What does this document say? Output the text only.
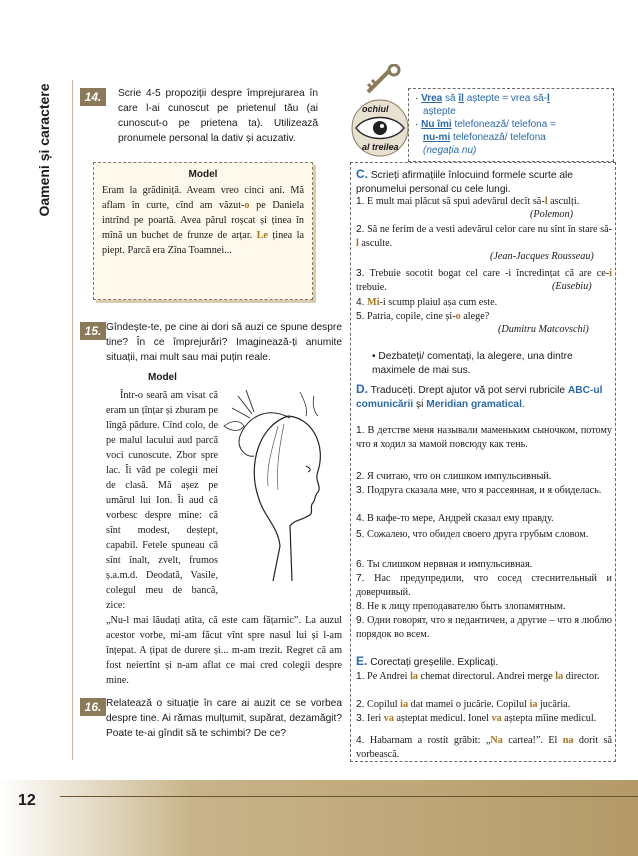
Oameni și caractere	14.	Scrie 4-5 propoziții despre împrejurarea în care l-ai cunoscut pe prietenul tău (ai cunoscut-o pe prietena ta). Utilizează pronumele personal la dativ și acuzativ.
Model
Eram la grădiniță. Aveam vreo cinci ani. Mă aflam în curte, cînd am văzut-o pe Daniela intrînd pe poartă. Avea părul roșcat și ținea în mînă un buchet de frunze de arțar. Le ținea la piept. Parcă era Zîna Toamnei...
15. Gîndește-te, pe cine ai dori să auzi ce spune despre tine? În ce împrejurări? Imaginează-ți anumite situații, mai mult sau mai puțin reale.
Model
Într-o seară am visat că eram un țînțar și zburam pe lîngă pădure. Cînd colo, de pe malul lacului aud parcă voci cunoscute. Zbor spre lac. Îi văd pe colegii mei de clasă. Mă așez pe umărul lui Ion. Îi aud că vorbesc despre mine: că sînt modest, deștept, capabil. Fetele spuneau că sînt înalt, zvelt, frumos ș.a.m.d. Deodată, Vasile, colegul meu de bancă, zice:
„Nu-l mai lăudați atîta, că este cam fățarnic”. La auzul acestor vorbe, mi-am făcut vînt spre nasul lui și l-am înțepat. A țipat de durere și... m-am trezit. Regret că am fost neiertînt și n-am aflat ce mai cred colegii despre mine.
16. Relatează o situație în care ai auzit ce se vorbea despre tine. Ai rămas mulțumit, supărat, dezamăgit? Poate te-ai gîndit să te schimbi? De ce?
ochiul
al treilea
· Vrea să îl aștepte = vrea să-l
aștepte
· Nu îmi telefonează/ telefona =
nu-mi telefonează/ telefona
(negația nu)
C. Scrieți afirmațiile înlocuind formele scurte ale pronumelui personal cu cele lungi.
1. E mult mai plăcut să spui adevărul decît să-l asculți.
(Polemon)
2. Să ne ferim de a vesti adevărul celor care nu sînt în stare să-l asculte.
(Jean-Jacques Rousseau)
3. Trebuie socotit bogat cel care -i încredințat că are ce-i trebuie.	(Eusebiu)
4. Mi-i scump plaiul așa cum este.
5. Patria, copile, cine și-o alege?
(Dumitru Matcovschi)
• Dezbateți/ comentați, la alegere, una dintre maximele de mai sus.
D. Traduceți. Drept ajutor vă pot servi rubricile ABC-ul comunicării și Meridian gramatical.
1. В детстве меня называли маменьким сыночком, потому что я ходил за мамой повсюду как тень.
2. Я считаю, что он слишком импульсивный.
3. Подруга сказала мне, что я рассеянная, и я обиделась.
4. В кафе-то мере, Андрей сказал ему правду.
5. Сожалею, что обидел своего друга грубым словом.
6. Ты слишком нервная и импульсивная.
7. Нас предупредили, что сосед стеснительный и доверчивый.
8. Не к лицу преподавателю быть злопамятным.
9. Одни говорят, что я педантичен, а другие – что я люблю порядок во всем.
E. Corectați greșelile. Explicați.
1. Pe Andrei la chemat directorul. Andrei merge la director.
2. Copilul ia dat mamei o jucărie. Copilul ia jucăria.
3. Ieri va așteptat medicul. Ionel va aștepta mîine medicul.
4. Habarnam a rostit grăbit: „Na cartea!”. El na dorit să vorbească.
12
